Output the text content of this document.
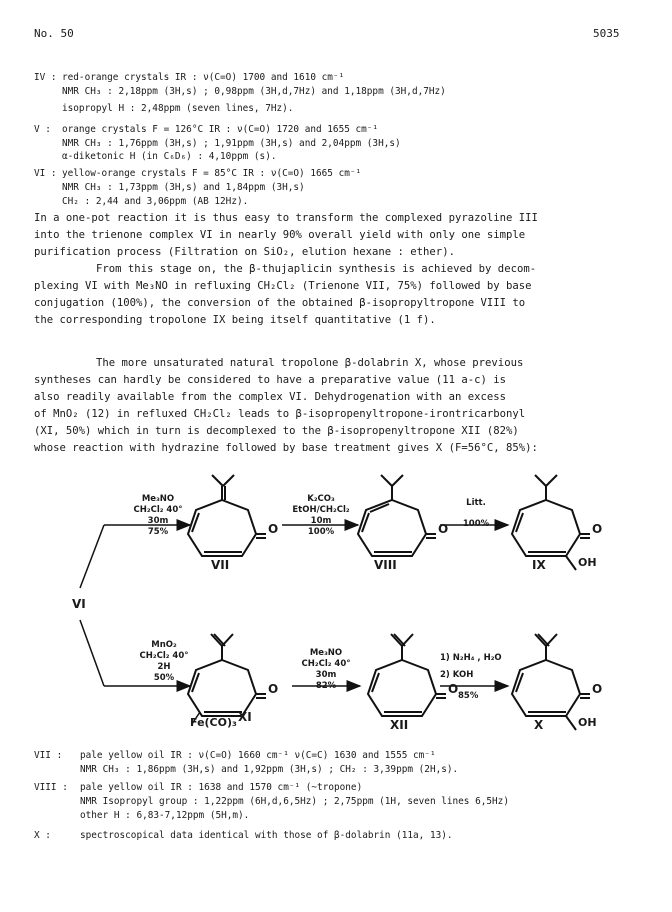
No. 50	5035
IV : red-orange crystals IR : ν(C=O) 1700 and 1610 cm⁻¹
NMR CH₃ : 2,18ppm (3H,s) ; 0,98ppm (3H,d,7Hz) and 1,18ppm (3H,d,7Hz)
isopropyl H : 2,48ppm (seven lines, 7Hz).
V : orange crystals F = 126°C IR : ν(C=O) 1720 and 1655 cm⁻¹
NMR CH₃ : 1,76ppm (3H,s) ; 1,91ppm (3H,s) and 2,04ppm (3H,s)
α-diketonic H (in C₆D₆) : 4,10ppm (s).
VI : yellow-orange crystals F = 85°C IR : ν(C=O) 1665 cm⁻¹
NMR CH₃ : 1,73ppm (3H,s) and 1,84ppm (3H,s)
CH₂ : 2,44 and 3,06ppm (AB 12Hz).
In a one-pot reaction it is thus easy to transform the complexed pyrazoline III
into the trienone complex VI in nearly 90% overall yield with only one simple
purification process (Filtration on SiO₂, elution hexane : ether).
From this stage on, the β-thujaplicin synthesis is achieved by decom-
plexing VI with Me₃NO in refluxing CH₂Cl₂ (Trienone VII, 75%) followed by base
conjugation (100%), the conversion of the obtained β-isopropyltropone VIII to
the corresponding tropolone IX being itself quantitative (1 f).
The more unsaturated natural tropolone β-dolabrin X, whose previous
syntheses can hardly be considered to have a preparative value (11 a-c) is
also readily available from the complex VI. Dehydrogenation with an excess
of MnO₂ (12) in refluxed CH₂Cl₂ leads to β-isopropenyltropone-irontricarbonyl
(XI, 50%) which in turn is decomplexed to the β-isopropenyltropone XII (82%)
whose reaction with hydrazine followed by base treatment gives X (F=56°C, 85%):
VI
Me₃NO
CH₂Cl₂ 40°
30m
75%
VII
O
K₂CO₃
EtOH/CH₂Cl₂
10m
100%
VIII
O
Litt.
100%
IX
O
OH
MnO₂
CH₂Cl₂ 40°
2H
50%
Fe(CO)₃ XI
O
Me₃NO
CH₂Cl₂ 40°
30m
82%
XII
O
1) N₂H₄ , H₂O
2) KOH
85%
X
O
OH
VII : pale yellow oil IR : ν(C=O) 1660 cm⁻¹ ν(C=C) 1630 and 1555 cm⁻¹
NMR CH₃ : 1,86ppm (3H,s) and 1,92ppm (3H,s) ; CH₂ : 3,39ppm (2H,s).
VIII : pale yellow oil IR : 1638 and 1570 cm⁻¹ (~tropone)
NMR Isopropyl group : 1,22ppm (6H,d,6,5Hz) ; 2,75ppm (1H, seven lines 6,5Hz)
other H : 6,83-7,12ppm (5H,m).
X :	spectroscopical data identical with those of β-dolabrin (11a, 13).
